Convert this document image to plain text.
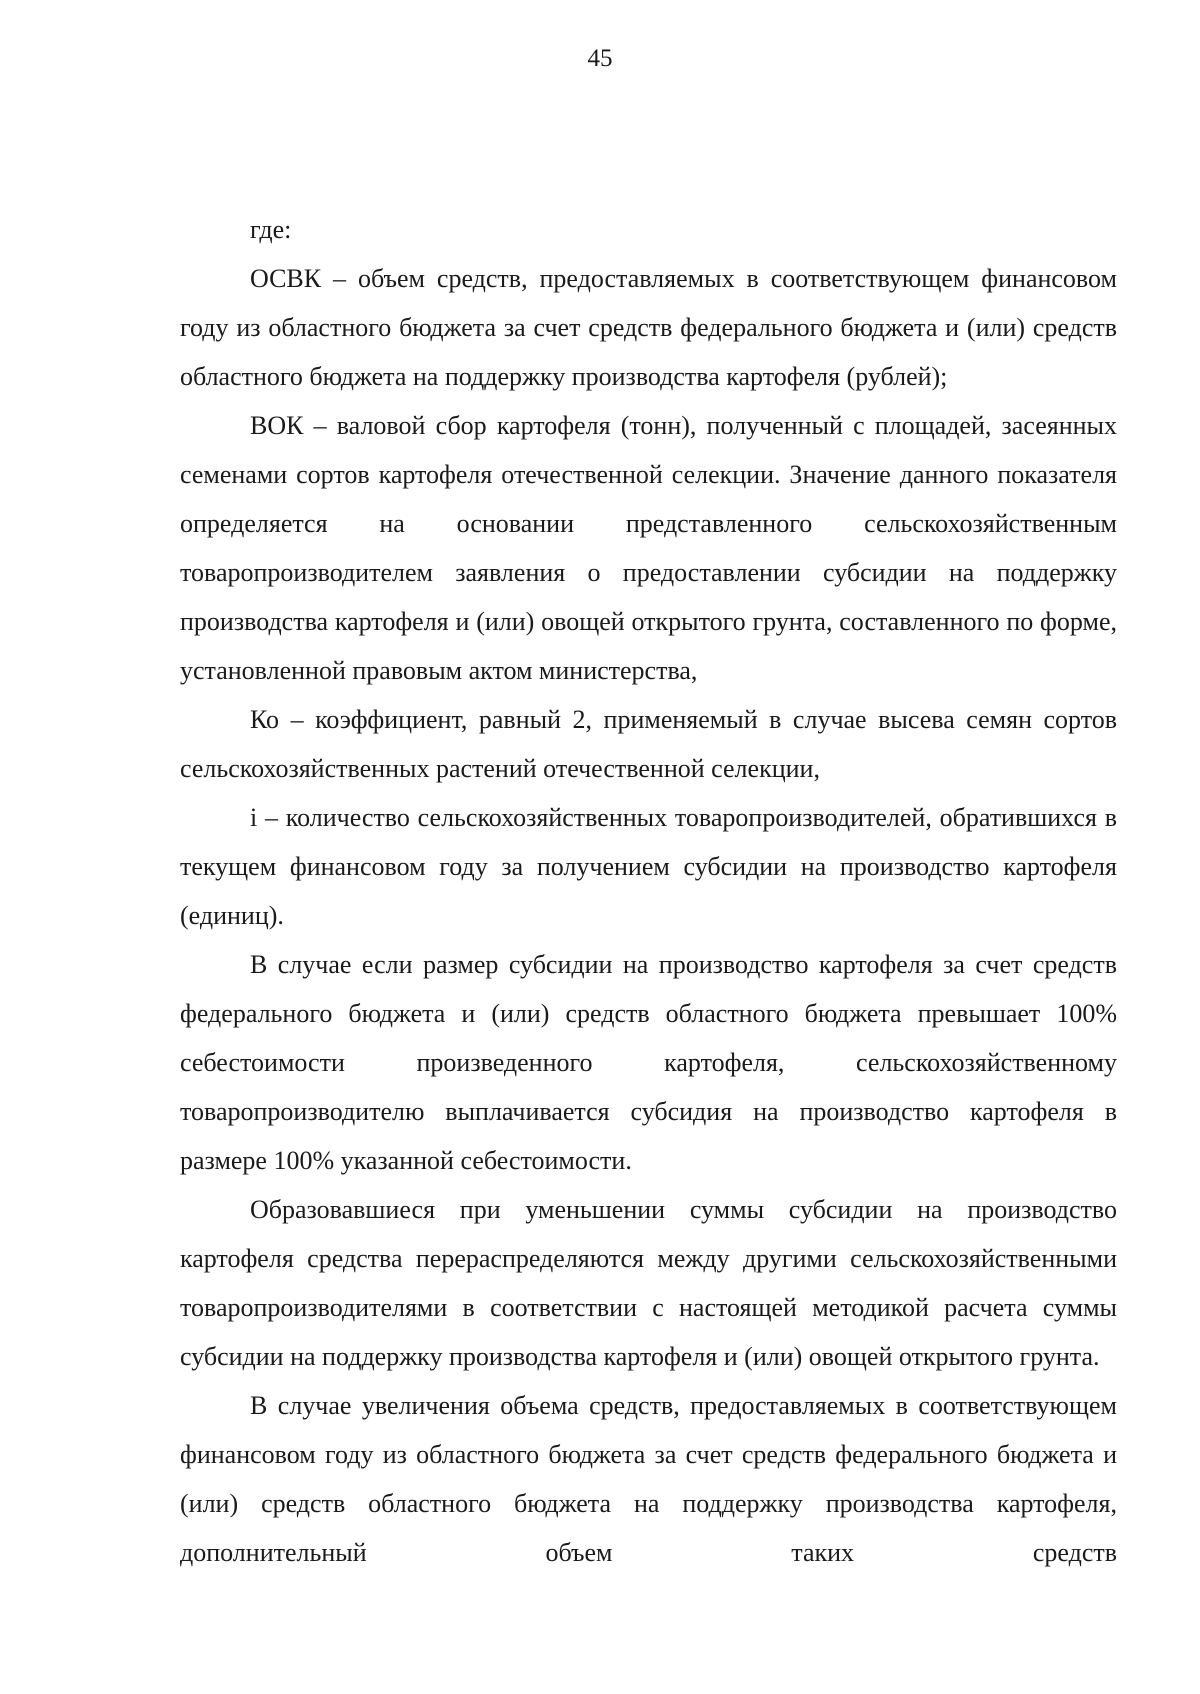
45

где:

ОСВК – объем средств, предоставляемых в соответствующем финансовом году из областного бюджета за счет средств федерального бюджета и (или) средств областного бюджета на поддержку производства картофеля (рублей);

ВОК – валовой сбор картофеля (тонн), полученный с площадей, засеянных семенами сортов картофеля отечественной селекции. Значение данного показателя определяется на основании представленного сельскохозяйственным товаропроизводителем заявления о предоставлении субсидии на поддержку производства картофеля и (или) овощей открытого грунта, составленного по форме, установленной правовым актом министерства,

Ко – коэффициент, равный 2, применяемый в случае высева семян сортов сельскохозяйственных растений отечественной селекции,

i – количество сельскохозяйственных товаропроизводителей, обратившихся в текущем финансовом году за получением субсидии на производство картофеля (единиц).

В случае если размер субсидии на производство картофеля за счет средств федерального бюджета и (или) средств областного бюджета превышает 100% себестоимости произведенного картофеля, сельскохозяйственному товаропроизводителю выплачивается субсидия на производство картофеля в размере 100% указанной себестоимости.

Образовавшиеся при уменьшении суммы субсидии на производство картофеля средства перераспределяются между другими сельскохозяйственными товаропроизводителями в соответствии с настоящей методикой расчета суммы субсидии на поддержку производства картофеля и (или) овощей открытого грунта.

В случае увеличения объема средств, предоставляемых в соответствующем финансовом году из областного бюджета за счет средств федерального бюджета и (или) средств областного бюджета на поддержку производства картофеля, дополнительный объем таких средств
